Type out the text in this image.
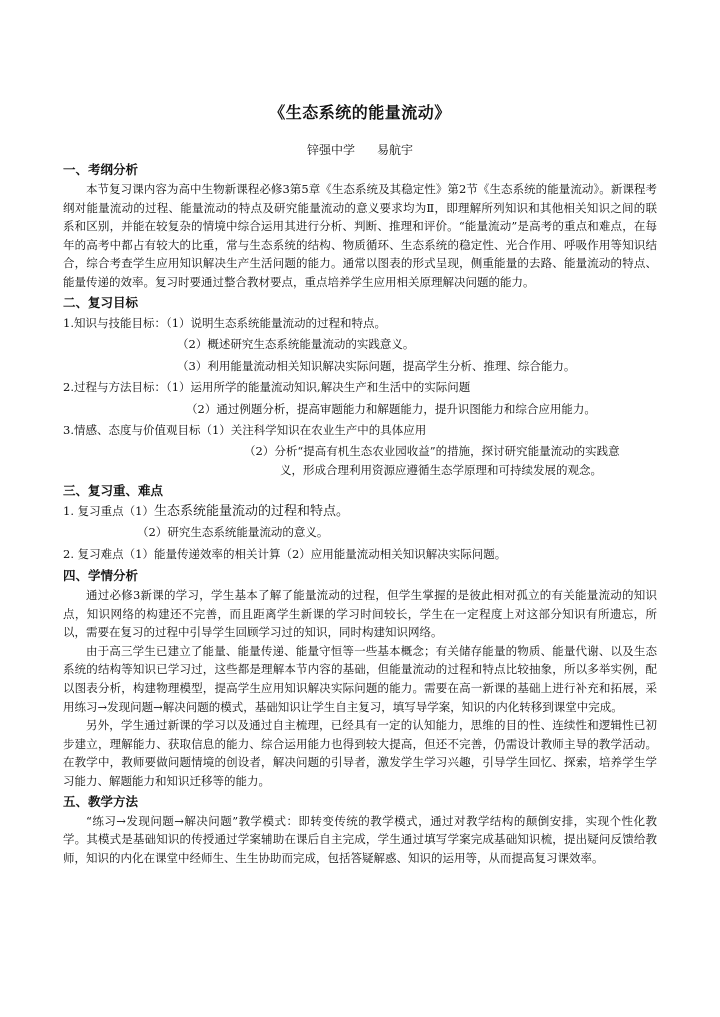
《生态系统的能量流动》
锌强中学 易航宇
一、考纲分析

本节复习课内容为高中生物新课程必修3第5章《生态系统及其稳定性》第2节《生态系统的能量流动》。新课程考纲对能量流动的过程、能量流动的特点及研究能量流动的意义要求均为Ⅱ，即理解所列知识和其他相关知识之间的联系和区别，并能在较复杂的情境中综合运用其进行分析、判断、推理和评价。“能量流动”是高考的重点和难点，在每年的高考中都占有较大的比重，常与生态系统的结构、物质循环、生态系统的稳定性、光合作用、呼吸作用等知识结合，综合考查学生应用知识解决生产生活问题的能力。通常以图表的形式呈现，侧重能量的去路、能量流动的特点、能量传递的效率。复习时要通过整合教材要点，重点培养学生应用相关原理解决问题的能力。

二、复习目标
1.知识与技能目标：（1）说明生态系统能量流动的过程和特点。
（2）概述研究生态系统能量流动的实践意义。
（3）利用能量流动相关知识解决实际问题，提高学生分析、推理、综合能力。
2.过程与方法目标：（1）运用所学的能量流动知识,解决生产和生活中的实际问题
（2）通过例题分析，提高审题能力和解题能力，提升识图能力和综合应用能力。
3.情感、态度与价值观目标（1）关注科学知识在农业生产中的具体应用
（2）分析“提高有机生态农业园收益”的措施，探讨研究能量流动的实践意
义，形成合理利用资源应遵循生态学原理和可持续发展的观念。
三、复习重、难点
1. 复习重点（1）生态系统能量流动的过程和特点。
（2）研究生态系统能量流动的意义。
2. 复习难点（1）能量传递效率的相关计算（2）应用能量流动相关知识解决实际问题。
四、学情分析

通过必修3新课的学习，学生基本了解了能量流动的过程，但学生掌握的是彼此相对孤立的有关能量流动的知识点，知识网络的构建还不完善，而且距离学生新课的学习时间较长，学生在一定程度上对这部分知识有所遗忘，所以，需要在复习的过程中引导学生回顾学习过的知识，同时构建知识网络。

由于高三学生已建立了能量、能量传递、能量守恒等一些基本概念；有关储存能量的物质、能量代谢、以及生态系统的结构等知识已学习过，这些都是理解本节内容的基础，但能量流动的过程和特点比较抽象，所以多举实例，配以图表分析，构建物理模型，提高学生应用知识解决实际问题的能力。需要在高一新课的基础上进行补充和拓展，采用练习→发现问题→解决问题的模式，基础知识让学生自主复习，填写导学案，知识的内化转移到课堂中完成。

另外，学生通过新课的学习以及通过自主梳理，已经具有一定的认知能力，思维的目的性、连续性和逻辑性已初步建立，理解能力、获取信息的能力、综合运用能力也得到较大提高，但还不完善，仍需设计教师主导的教学活动。在教学中，教师要做问题情境的创设者，解决问题的引导者，激发学生学习兴趣，引导学生回忆、探索，培养学生学习能力、解题能力和知识迁移等的能力。

五、教学方法

“练习→发现问题→解决问题”教学模式：即转变传统的教学模式，通过对教学结构的颠倒安排，实现个性化教学。其模式是基础知识的传授通过学案辅助在课后自主完成，学生通过填写学案完成基础知识梳，提出疑问反馈给教师，知识的内化在课堂中经师生、生生协助而完成，包括答疑解惑、知识的运用等，从而提高复习课效率。
